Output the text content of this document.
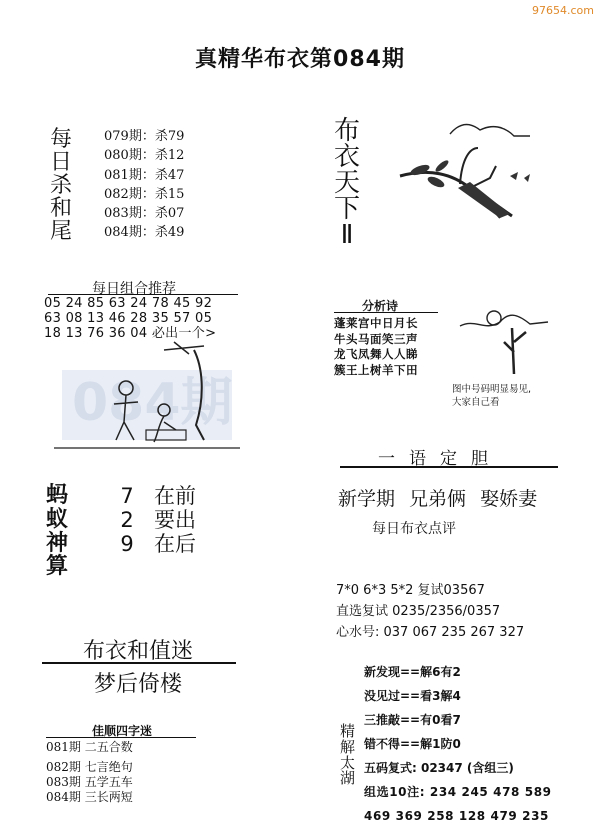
97654.com
真精华布衣第084期
每
日
杀
和
尾
079期：杀79
080期：杀12
081期：杀47
082期：杀15
083期：杀07
084期：杀49
每日组合推荐
05 24 85 63 24 78 45 92
63 08 13 46 28 35 57 05
18 13 76 36 04 必出一个>
084期
蚂
蚁
神
算
7 在前
2 要出
9 在后
布衣和值迷
梦后倚楼
佳顺四字迷
081期 二五合数
082期 七言绝句
083期 五学五车
084期 三长两短
布
衣
天
下
Ⅱ
分析诗
蓬莱宫中日月长
牛头马面笑三声
龙飞凤舞人人睇
簇王上树羊下田
图中号码明显易见,
大家自己看
一语定胆
新学期 兄弟俩 娶娇妻
每日布衣点评
7*0 6*3 5*2 复试03567
直选复试 0235/2356/0357
心水号: 037 067 235 267 327
精
解
太
湖
新发现==解6有2
没见过==看3解4
三推敲==有0看7
错不得==解1防0
五码复式: 02347 (含组三)
组选10注: 234 245 478 589
469 369 258 128 479 235
